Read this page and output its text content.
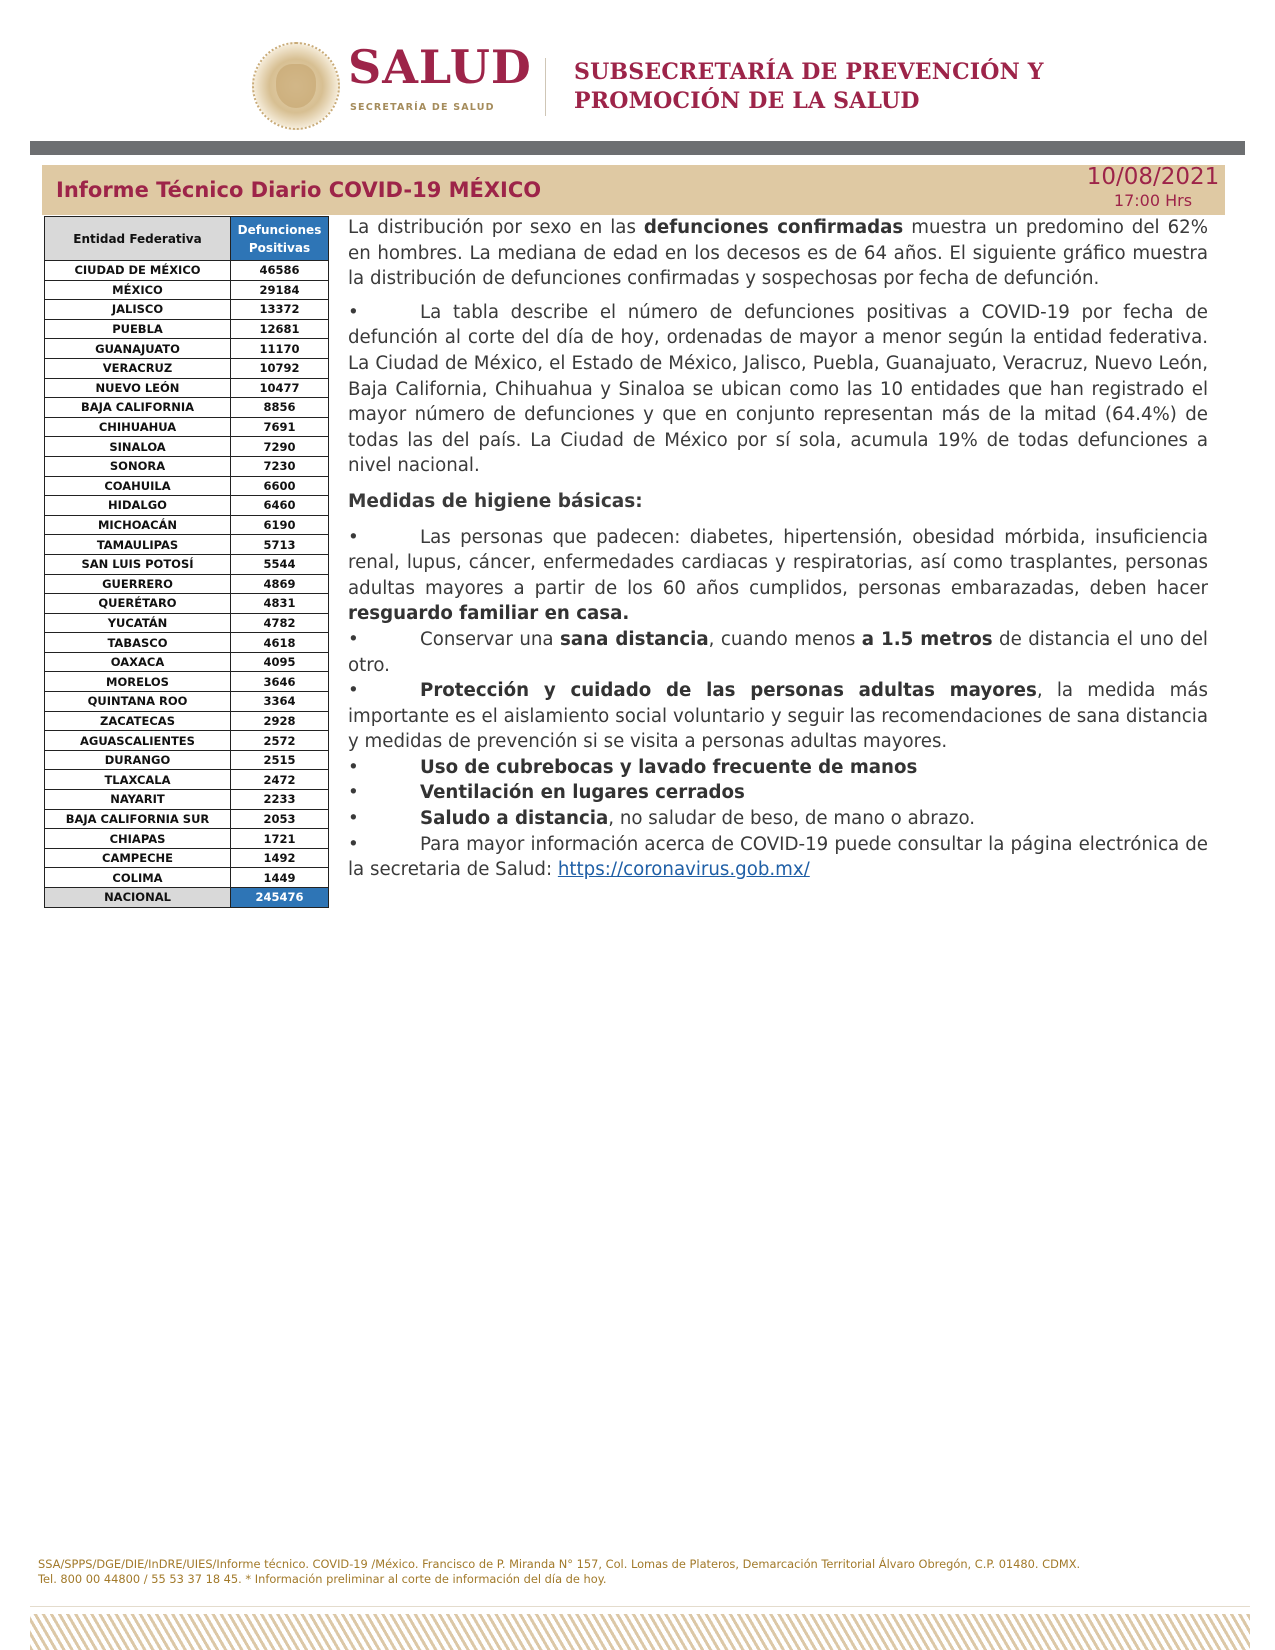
SALUD
SECRETARÍA DE SALUD
SUBSECRETARÍA DE PREVENCIÓN Y
PROMOCIÓN DE LA SALUD
Informe Técnico Diario COVID-19 MÉXICO	10/08/2021
17:00 Hrs
Entidad Federativa	Defunciones
Positivas

CIUDAD DE MÉXICO	46586
MÉXICO	29184
JALISCO	13372
PUEBLA	12681
GUANAJUATO	11170
VERACRUZ	10792
NUEVO LEÓN	10477
BAJA CALIFORNIA	8856
CHIHUAHUA	7691
SINALOA	7290
SONORA	7230
COAHUILA	6600
HIDALGO	6460
MICHOACÁN	6190
TAMAULIPAS	5713
SAN LUIS POTOSÍ	5544
GUERRERO	4869
QUERÉTARO	4831
YUCATÁN	4782
TABASCO	4618
OAXACA	4095
MORELOS	3646
QUINTANA ROO	3364
ZACATECAS	2928
AGUASCALIENTES	2572
DURANGO	2515
TLAXCALA	2472
NAYARIT	2233
BAJA CALIFORNIA SUR	2053
CHIAPAS	1721
CAMPECHE	1492
COLIMA	1449
NACIONAL	245476

La distribución por sexo en las defunciones confirmadas muestra un predomino del 62% en hombres. La mediana de edad en los decesos es de 64 años. El siguiente gráfico muestra la distribución de defunciones confirmadas y sospechosas por fecha de defunción.

•	La tabla describe el número de defunciones positivas a COVID-19 por fecha de defunción al corte del día de hoy, ordenadas de mayor a menor según la entidad federativa. La Ciudad de México, el Estado de México, Jalisco, Puebla, Guanajuato, Veracruz, Nuevo León, Baja California, Chihuahua y Sinaloa se ubican como las 10 entidades que han registrado el mayor número de defunciones y que en conjunto representan más de la mitad (64.4%) de todas las del país. La Ciudad de México por sí sola, acumula 19% de todas defunciones a nivel nacional.

Medidas de higiene básicas:

•	Las personas que padecen: diabetes, hipertensión, obesidad mórbida, insuficiencia renal, lupus, cáncer, enfermedades cardiacas y respiratorias, así como trasplantes, personas adultas mayores a partir de los 60 años cumplidos, personas embarazadas, deben hacer resguardo familiar en casa.

•	Conservar una sana distancia, cuando menos a 1.5 metros de distancia el uno del otro.

•	Protección y cuidado de las personas adultas mayores, la medida más importante es el aislamiento social voluntario y seguir las recomendaciones de sana distancia y medidas de prevención si se visita a personas adultas mayores.

•	Uso de cubrebocas y lavado frecuente de manos

•	Ventilación en lugares cerrados

•	Saludo a distancia, no saludar de beso, de mano o abrazo.

•	Para mayor información acerca de COVID-19 puede consultar la página electrónica de la secretaria de Salud: https://coronavirus.gob.mx/

SSA/SPPS/DGE/DIE/InDRE/UIES/Informe técnico. COVID-19 /México. Francisco de P. Miranda N° 157, Col. Lomas de Plateros, Demarcación Territorial Álvaro Obregón, C.P. 01480. CDMX.
Tel. 800 00 44800 / 55 53 37 18 45. * Información preliminar al corte de información del día de hoy.
